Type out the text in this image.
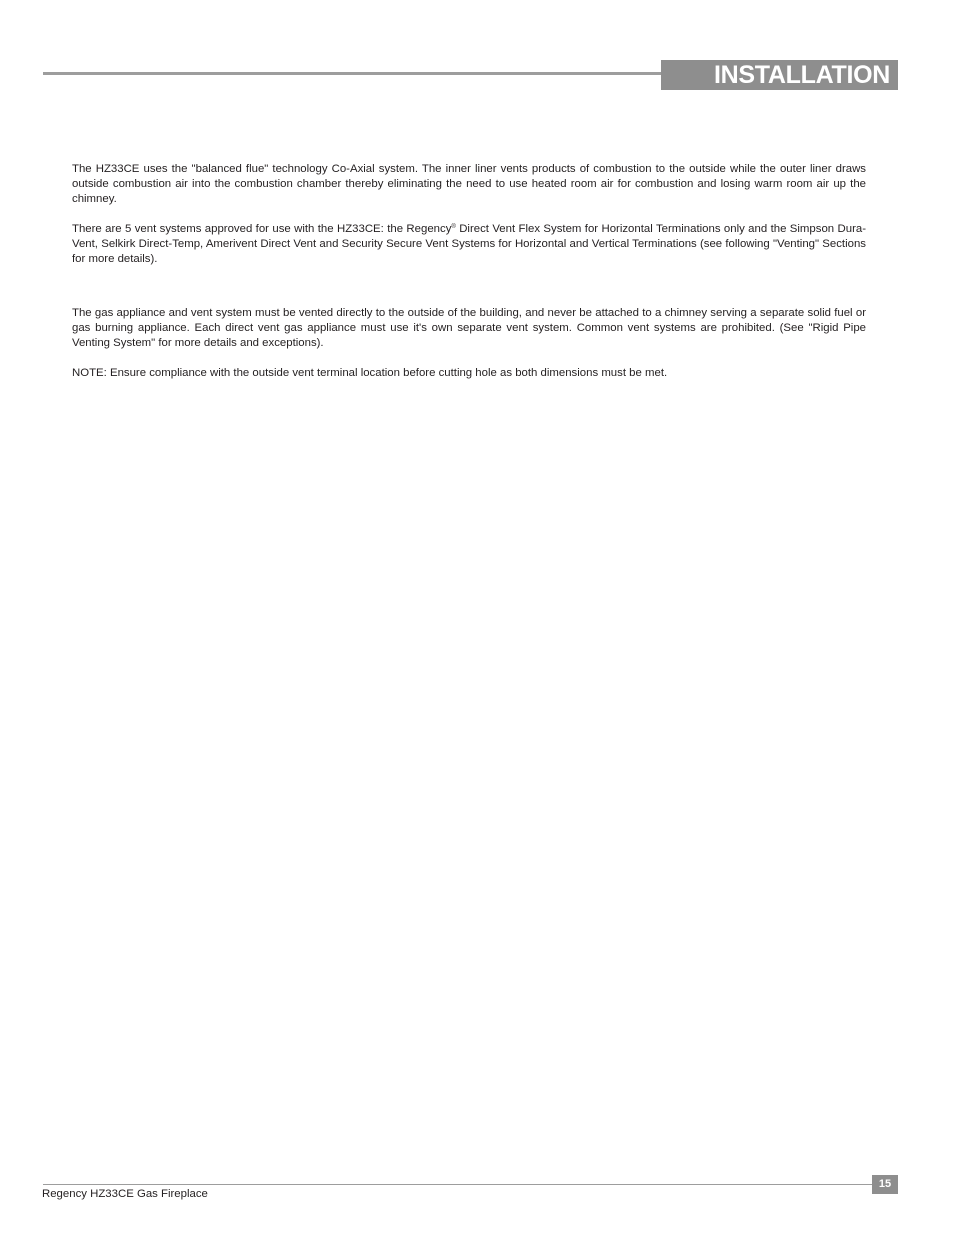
INSTALLATION

The HZ33CE uses the "balanced flue" technology Co-Axial system. The inner liner vents products of combustion to the outside while the outer liner draws outside combustion air into the combustion chamber thereby eliminating the need to use heated room air for combustion and losing warm room air up the chimney.

There are 5 vent systems approved for use with the HZ33CE: the Regency® Direct Vent Flex System for Horizontal Terminations only and the Simpson Dura-Vent, Selkirk Direct-Temp, Amerivent Direct Vent and Security Secure Vent Systems for Horizontal and Vertical Terminations (see following "Venting" Sections for more details).

The gas appliance and vent system must be vented directly to the outside of the building, and never be attached to a chimney serving a separate solid fuel or gas burning appliance. Each direct vent gas appliance must use it's own separate vent system. Common vent systems are prohibited. (See "Rigid Pipe Venting System" for more details and exceptions).

NOTE: Ensure compliance with the outside vent terminal location before cutting hole as both dimensions must be met.

15
Regency HZ33CE Gas Fireplace
